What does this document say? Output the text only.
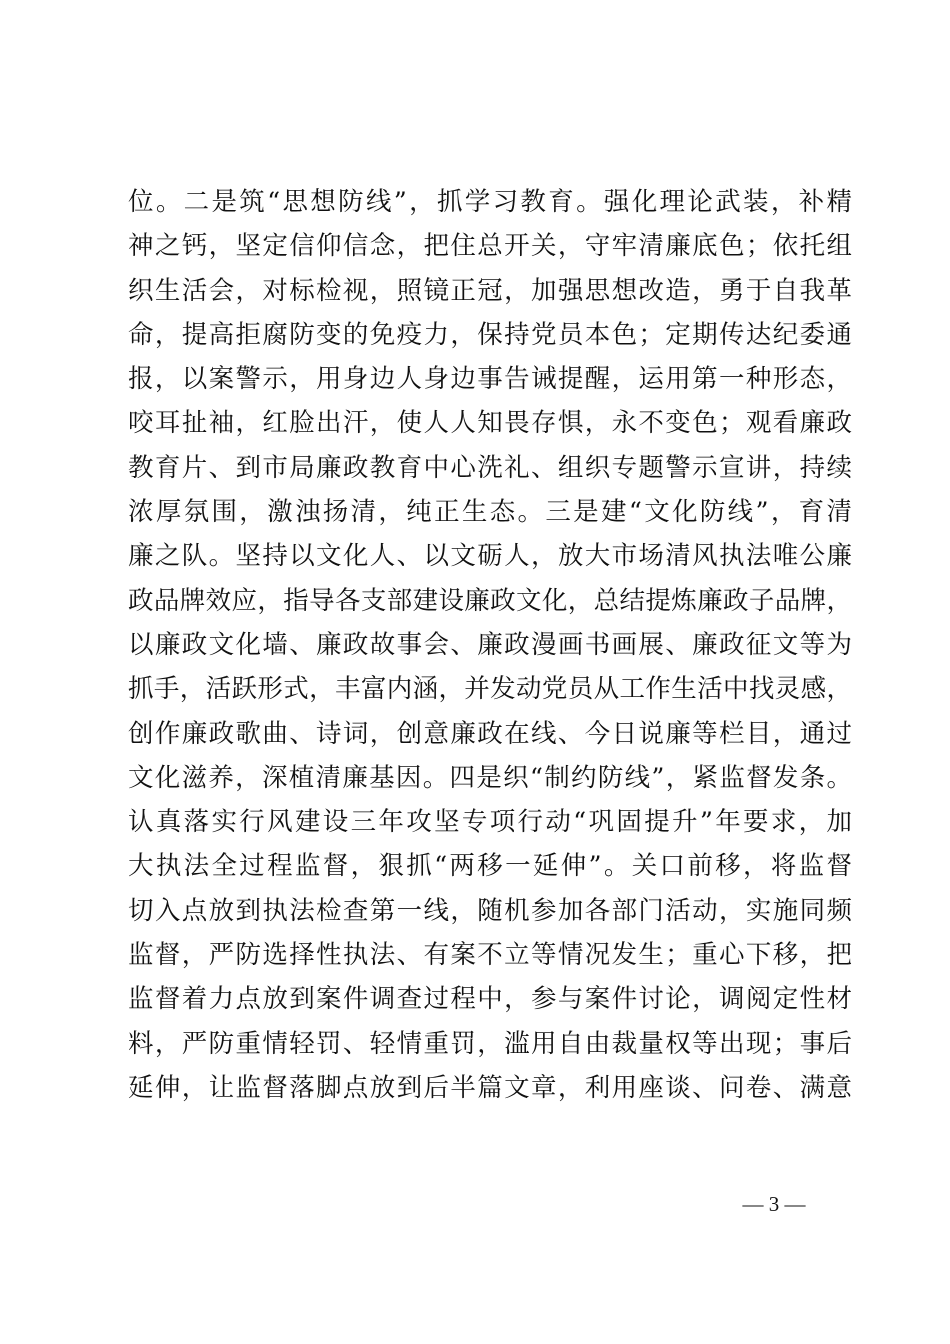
位。二是筑“思想防线”，抓学习教育。强化理论武装，补精
神之钙，坚定信仰信念，把住总开关，守牢清廉底色；依托组
织生活会，对标检视，照镜正冠，加强思想改造，勇于自我革
命，提高拒腐防变的免疫力，保持党员本色；定期传达纪委通
报，以案警示，用身边人身边事告诫提醒，运用第一种形态，
咬耳扯袖，红脸出汗，使人人知畏存惧，永不变色；观看廉政
教育片、到市局廉政教育中心洗礼、组织专题警示宣讲，持续
浓厚氛围，激浊扬清，纯正生态。三是建“文化防线”，育清
廉之队。坚持以文化人、以文砺人，放大市场清风执法唯公廉
政品牌效应，指导各支部建设廉政文化，总结提炼廉政子品牌，
以廉政文化墙、廉政故事会、廉政漫画书画展、廉政征文等为
抓手，活跃形式，丰富内涵，并发动党员从工作生活中找灵感，
创作廉政歌曲、诗词，创意廉政在线、今日说廉等栏目，通过
文化滋养，深植清廉基因。四是织“制约防线”，紧监督发条。
认真落实行风建设三年攻坚专项行动“巩固提升”年要求，加
大执法全过程监督，狠抓“两移一延伸”。关口前移，将监督
切入点放到执法检查第一线，随机参加各部门活动，实施同频
监督，严防选择性执法、有案不立等情况发生；重心下移，把
监督着力点放到案件调查过程中，参与案件讨论，调阅定性材
料，严防重情轻罚、轻情重罚，滥用自由裁量权等出现；事后
延伸，让监督落脚点放到后半篇文章，利用座谈、问卷、满意
— 3 —
